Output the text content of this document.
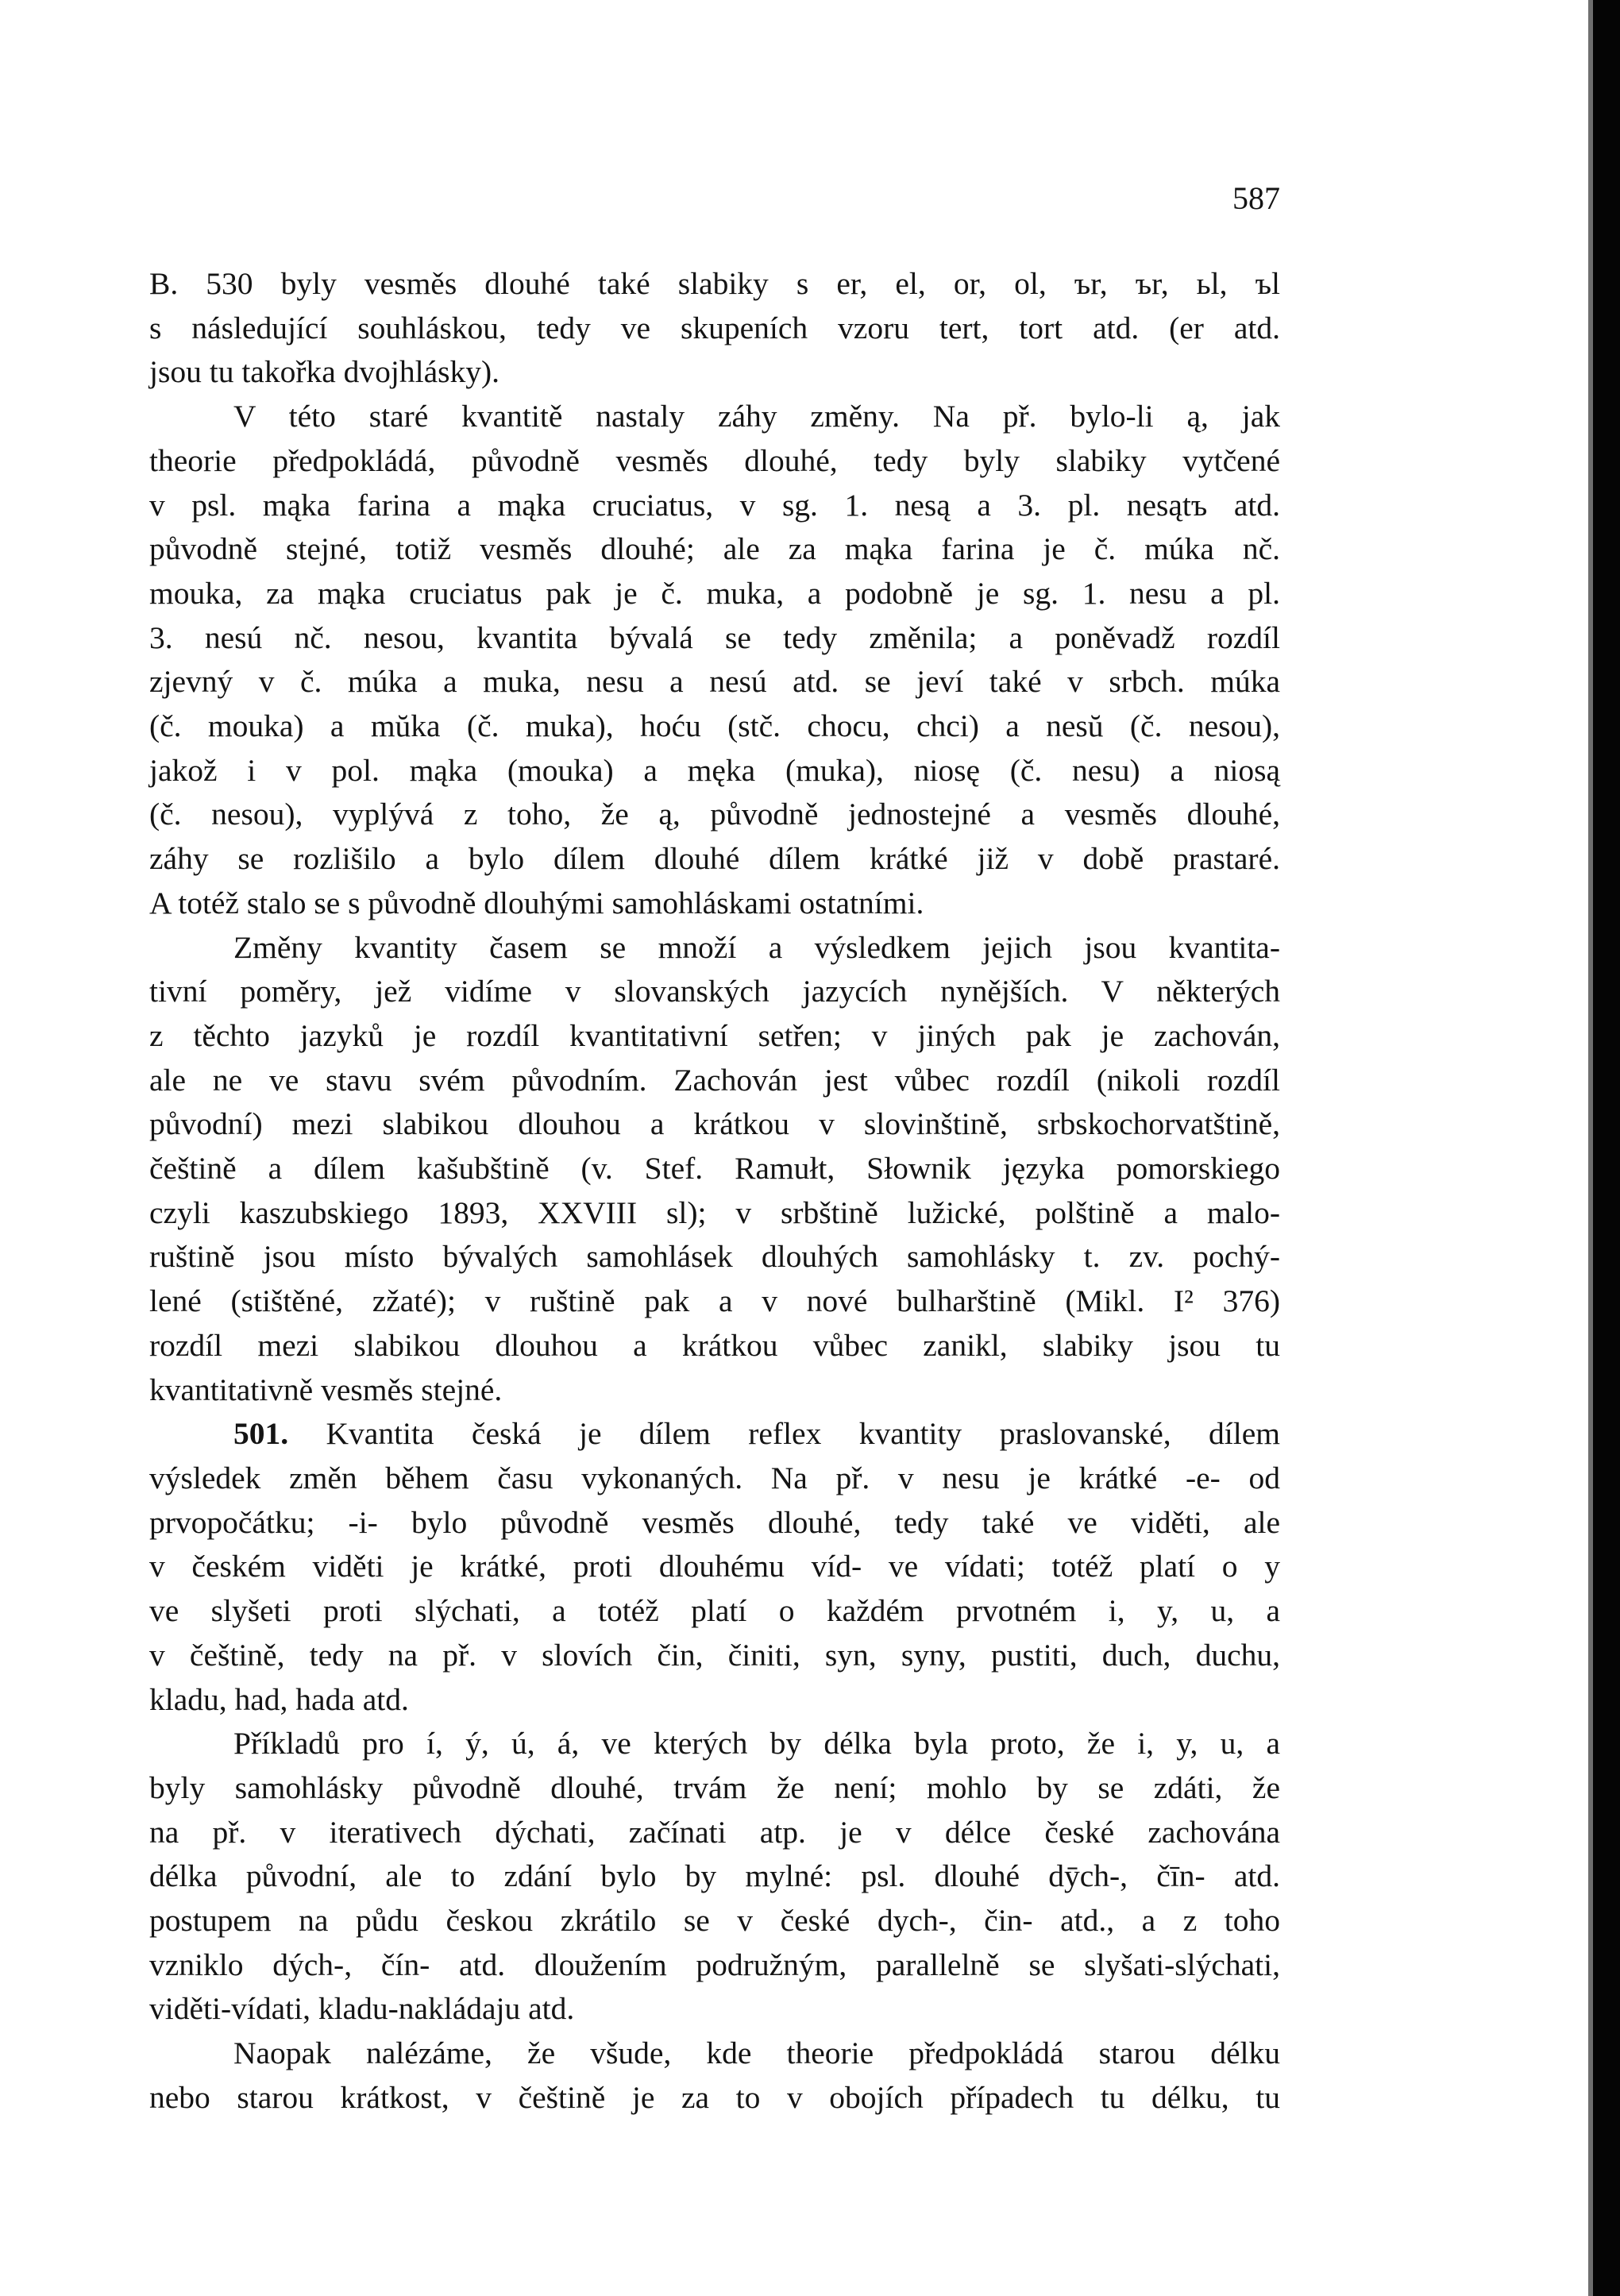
587

B. 530 byly vesměs dlouhé také slabiky s er, el, or, ol, ъr, ъr, ьl, ъl

s následující souhláskou, tedy ve skupeních vzoru tert, tort atd. (er atd.

jsou tu takořka dvojhlásky).

V této staré kvantitě nastaly záhy změny. Na př. bylo-li ą, jak

theorie předpokládá, původně vesměs dlouhé, tedy byly slabiky vytčené

v psl. mąka farina a mąka cruciatus, v sg. 1. nesą a 3. pl. nesątъ atd.

původně stejné, totiž vesměs dlouhé; ale za mąka farina je č. múka nč.

mouka, za mąka cruciatus pak je č. muka, a podobně je sg. 1. nesu a pl.

3. nesú nč. nesou, kvantita bývalá se tedy změnila; a poněvadž rozdíl

zjevný v č. múka a muka, nesu a nesú atd. se jeví také v srbch. múka

(č. mouka) a mŭka (č. muka), hoću (stč. chocu, chci) a nesŭ (č. nesou),

jakož i v pol. mąka (mouka) a męka (muka), niosę (č. nesu) a niosą

(č. nesou), vyplývá z toho, že ą, původně jednostejné a vesměs dlouhé,

záhy se rozlišilo a bylo dílem dlouhé dílem krátké již v době prastaré.

A totéž stalo se s původně dlouhými samohláskami ostatními.

Změny kvantity časem se množí a výsledkem jejich jsou kvantita-

tivní poměry, jež vidíme v slovanských jazycích nynějších. V některých

z těchto jazyků je rozdíl kvantitativní setřen; v jiných pak je zachován,

ale ne ve stavu svém původním. Zachován jest vůbec rozdíl (nikoli rozdíl

původní) mezi slabikou dlouhou a krátkou v slovinštině, srbskochorvatštině,

češtině a dílem kašubštině (v. Stef. Ramułt, Słownik języka pomorskiego

czyli kaszubskiego 1893, XXVIII sl); v srbštině lužické, polštině a malo-

ruštině jsou místo bývalých samohlásek dlouhých samohlásky t. zv. pochý-

lené (stištěné, zžaté); v ruštině pak a v nové bulharštině (Mikl. I² 376)

rozdíl mezi slabikou dlouhou a krátkou vůbec zanikl, slabiky jsou tu

kvantitativně vesměs stejné.

501. Kvantita česká je dílem reflex kvantity praslovanské, dílem

výsledek změn během času vykonaných. Na př. v nesu je krátké -e- od

prvopočátku; -i- bylo původně vesměs dlouhé, tedy také ve viděti, ale

v českém viděti je krátké, proti dlouhému víd- ve vídati; totéž platí o y

ve slyšeti proti slýchati, a totéž platí o každém prvotném i, y, u, a

v češtině, tedy na př. v slovích čin, činiti, syn, syny, pustiti, duch, duchu,

kladu, had, hada atd.

Příkladů pro í, ý, ú, á, ve kterých by délka byla proto, že i, y, u, a

byly samohlásky původně dlouhé, trvám že není; mohlo by se zdáti, že

na př. v iterativech dýchati, začínati atp. je v délce české zachována

délka původní, ale to zdání bylo by mylné: psl. dlouhé dȳch-, čīn- atd.

postupem na půdu českou zkrátilo se v české dych-, čin- atd., a z toho

vzniklo dých-, čín- atd. dloužením podružným, parallelně se slyšati-slýchati,

viděti-vídati, kladu-nakládaju atd.

Naopak nalézáme, že všude, kde theorie předpokládá starou délku

nebo starou krátkost, v češtině je za to v obojích případech tu délku, tu
